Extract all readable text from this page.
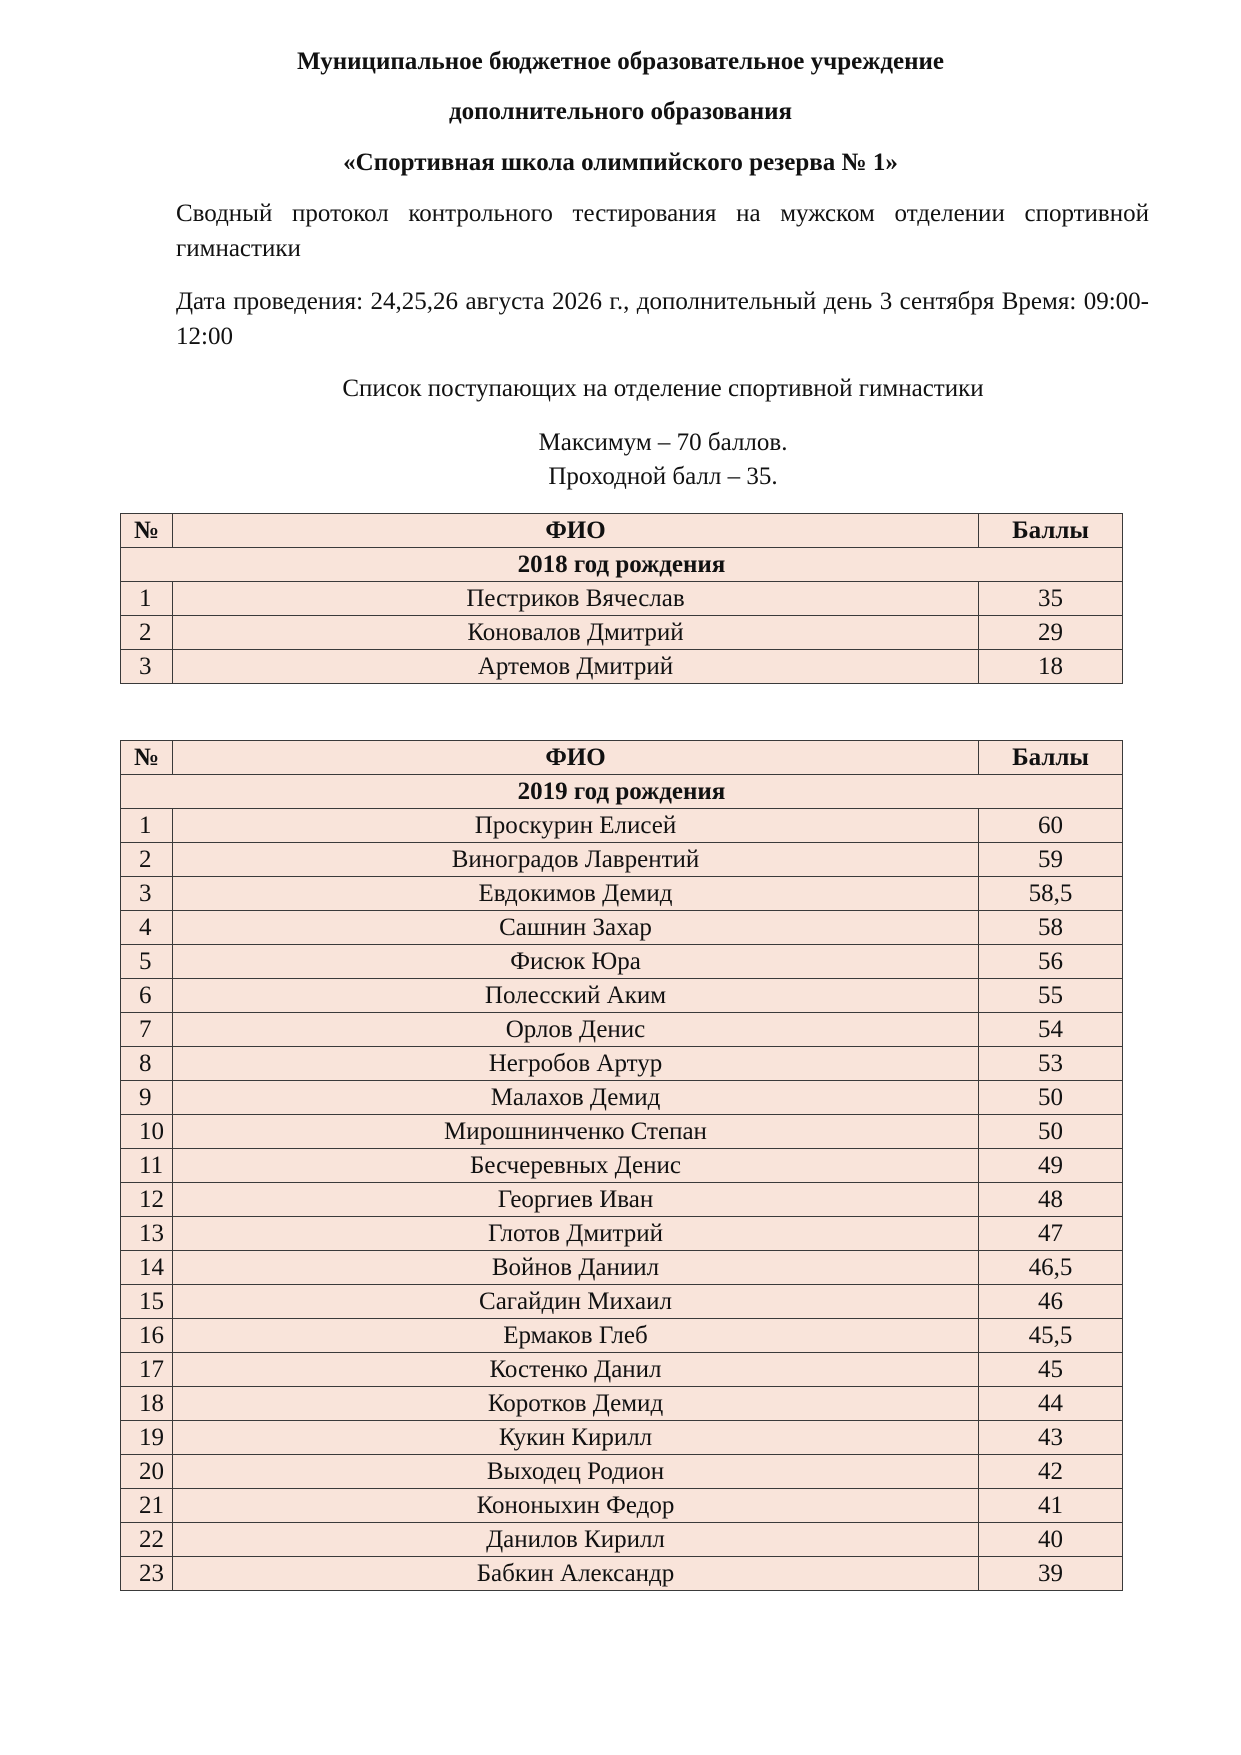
Муниципальное бюджетное образовательное учреждение
дополнительного образования
«Спортивная школа олимпийского резерва № 1»
Сводный протокол контрольного тестирования на мужском отделении спортивной гимнастики
Дата проведения: 24,25,26 августа 2026 г., дополнительный день 3 сентября Время: 09:00-12:00
Список поступающих на отделение спортивной гимнастики
Максимум – 70 баллов.
Проходной балл – 35.
№	ФИО	Баллы
2018 год рождения		
1	Пестриков Вячеслав	35
2	Коновалов Дмитрий	29
3	Артемов Дмитрий	18
№	ФИО	Баллы
2019 год рождения		
1	Проскурин Елисей	60
2	Виноградов Лаврентий	59
3	Евдокимов Демид	58,5
4	Сашнин Захар	58
5	Фисюк Юра	56
6	Полесский Аким	55
7	Орлов Денис	54
8	Негробов Артур	53
9	Малахов Демид	50
10	Мирошнинченко Степан	50
11	Бесчеревных Денис	49
12	Георгиев Иван	48
13	Глотов Дмитрий	47
14	Войнов Даниил	46,5
15	Сагайдин Михаил	46
16	Ермаков Глеб	45,5
17	Костенко Данил	45
18	Коротков Демид	44
19	Кукин Кирилл	43
20	Выходец Родион	42
21	Кононыхин Федор	41
22	Данилов Кирилл	40
23	Бабкин Александр	39
